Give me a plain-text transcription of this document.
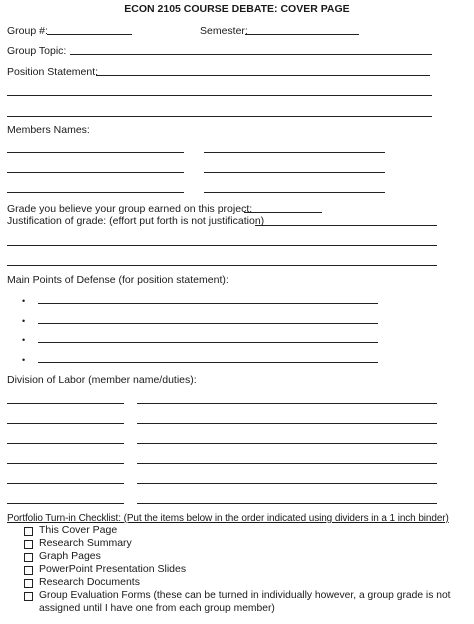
ECON 2105 COURSE DEBATE: COVER PAGE
Group #:	Semester:
Group Topic:
Position Statement:
Members Names:
Grade you believe your group earned on this project:
Justification of grade: (effort put forth is not justification)
Main Points of Defense (for position statement):
•
•
•
•
Division of Labor (member name/duties):
Portfolio Turn-in Checklist: (Put the items below in the order indicated using dividers in a 1 inch binder)
This Cover Page
Research Summary
Graph Pages
PowerPoint Presentation Slides
Research Documents
Group Evaluation Forms (these can be turned in individually however, a group grade is not
assigned until I have one from each group member)
